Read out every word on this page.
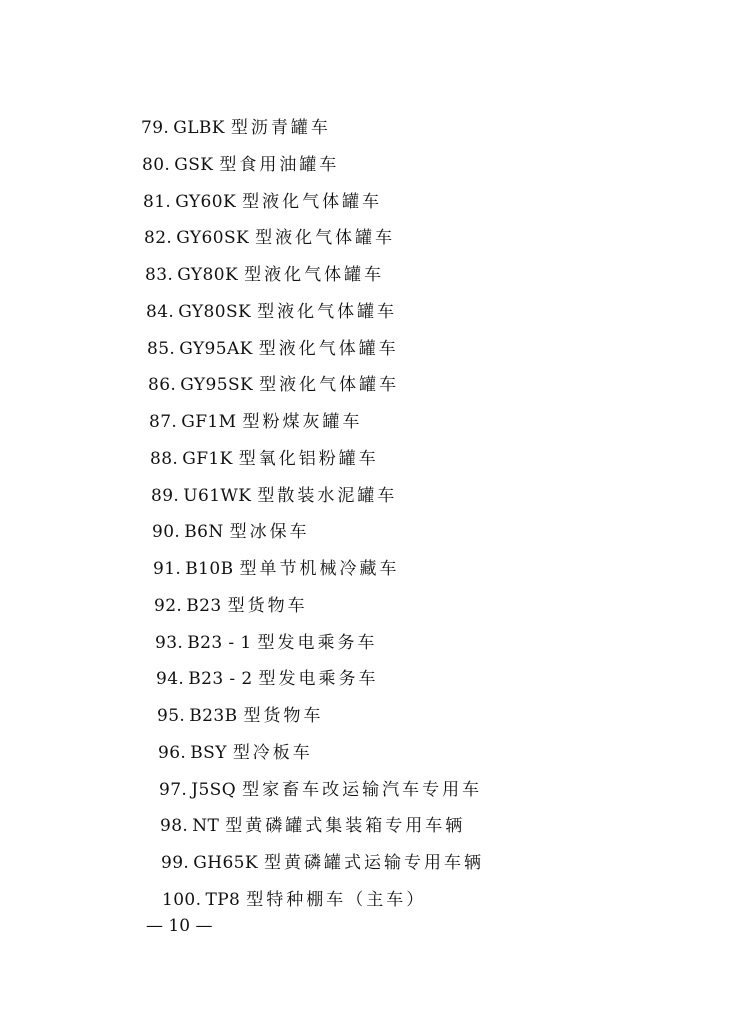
79. GLBK 型沥青罐车
80. GSK 型食用油罐车
81. GY60K 型液化气体罐车
82. GY60SK 型液化气体罐车
83. GY80K 型液化气体罐车
84. GY80SK 型液化气体罐车
85. GY95AK 型液化气体罐车
86. GY95SK 型液化气体罐车
87. GF1M 型粉煤灰罐车
88. GF1K 型氧化铝粉罐车
89. U61WK 型散装水泥罐车
90. B6N 型冰保车
91. B10B 型单节机械冷藏车
92. B23 型货物车
93. B23 - 1 型发电乘务车
94. B23 - 2 型发电乘务车
95. B23B 型货物车
96. BSY 型冷板车
97. J5SQ 型家畜车改运输汽车专用车
98. NT 型黄磷罐式集装箱专用车辆
99. GH65K 型黄磷罐式运输专用车辆
100. TP8 型特种棚车（主车）
— 10 —
